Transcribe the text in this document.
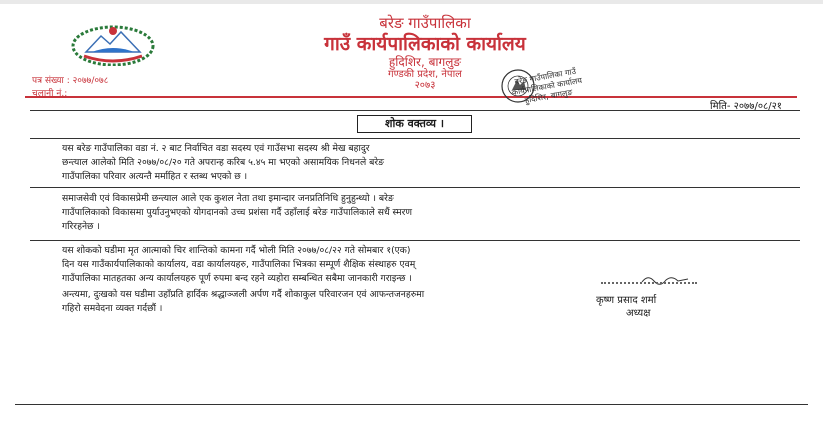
बरेङ गाउँपालिका
गाउँ कार्यपालिकाको कार्यालय
हुदिशिर, बागलुङ
गण्डकी प्रदेश, नेपाल
२०७३
पत्र संख्या : २०७७/०७८
चलानी नं.:
बरेङ गाउँपालिका गाउँ कार्यपालिकाको कार्यालय हुदिशिर, बागलुङ
मिति- २०७७/०८/२१
शोक वक्तव्य ।
यस बरेङ गाउँपालिका वडा नं. २ बाट निर्वाचित वडा सदस्य एवं गाउँसभा सदस्य श्री मेख बहादुर
छन्त्याल आलेको मिति २०७७/०८/२० गते अपरान्ह करिब ५.४५ मा भएको असामयिक निधनले बरेङ
गाउँपालिका परिवार अत्यन्तै मर्माहित र स्तब्ध भएको छ ।
समाजसेवी एवं विकासप्रेमी छन्त्याल आले एक कुशल नेता तथा इमान्दार जनप्रतिनिधि हुनुहुन्थ्यो । बरेङ
गाउँपालिकाको विकासमा पुर्याउनुभएको योगदानको उच्च प्रशंसा गर्दै उहाँलाई बरेङ गाउँपालिकाले सधैं स्मरण
गरिरहनेछ ।
यस शोकको घडीमा मृत आत्माको चिर शान्तिको कामना गर्दै भोली मिति २०७७/०८/२२ गते सोमबार १(एक)
दिन यस गाउँकार्यपालिकाको कार्यालय, वडा कार्यालयहरु, गाउँपालिका भित्रका सम्पूर्ण शैक्षिक संस्थाहरु एवम्
गाउँपालिका मातहतका अन्य कार्यालयहरु पूर्ण रुपमा बन्द रहने व्यहोरा सम्बन्धित सबैमा जानकारी गराइन्छ ।
अन्त्यमा, दुःखको यस घडीमा उहाँप्रति हार्दिक श्रद्धाञ्जली अर्पण गर्दै शोकाकुल परिवारजन एवं आफन्तजनहरुमा
गहिरो समवेदना व्यक्त गर्दछौं ।
कृष्ण प्रसाद शर्मा
अध्यक्ष
